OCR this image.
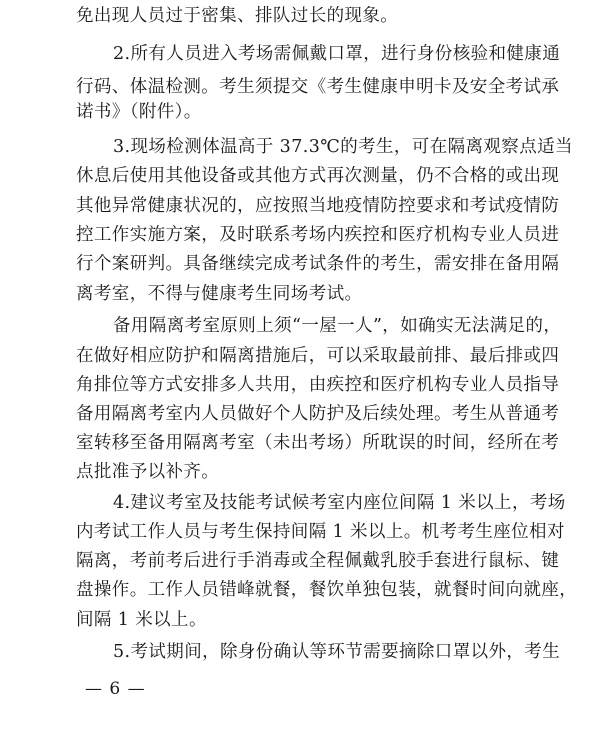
免出现人员过于密集、排队过长的现象。
2.所有人员进入考场需佩戴口罩，进行身份核验和健康通
行码、体温检测。考生须提交《考生健康申明卡及安全考试承
诺书》（附件）。
3.现场检测体温高于 37.3℃的考生，可在隔离观察点适当
休息后使用其他设备或其他方式再次测量，仍不合格的或出现
其他异常健康状况的，应按照当地疫情防控要求和考试疫情防
控工作实施方案，及时联系考场内疾控和医疗机构专业人员进
行个案研判。具备继续完成考试条件的考生，需安排在备用隔
离考室，不得与健康考生同场考试。
备用隔离考室原则上须“一屋一人”，如确实无法满足的，
在做好相应防护和隔离措施后，可以采取最前排、最后排或四
角排位等方式安排多人共用，由疾控和医疗机构专业人员指导
备用隔离考室内人员做好个人防护及后续处理。考生从普通考
室转移至备用隔离考室（未出考场）所耽误的时间，经所在考
点批准予以补齐。
4.建议考室及技能考试候考室内座位间隔 1 米以上，考场
内考试工作人员与考生保持间隔 1 米以上。机考考生座位相对
隔离，考前考后进行手消毒或全程佩戴乳胶手套进行鼠标、键
盘操作。工作人员错峰就餐，餐饮单独包装，就餐时间向就座，
间隔 1 米以上。
5.考试期间，除身份确认等环节需要摘除口罩以外，考生
— 6 —
